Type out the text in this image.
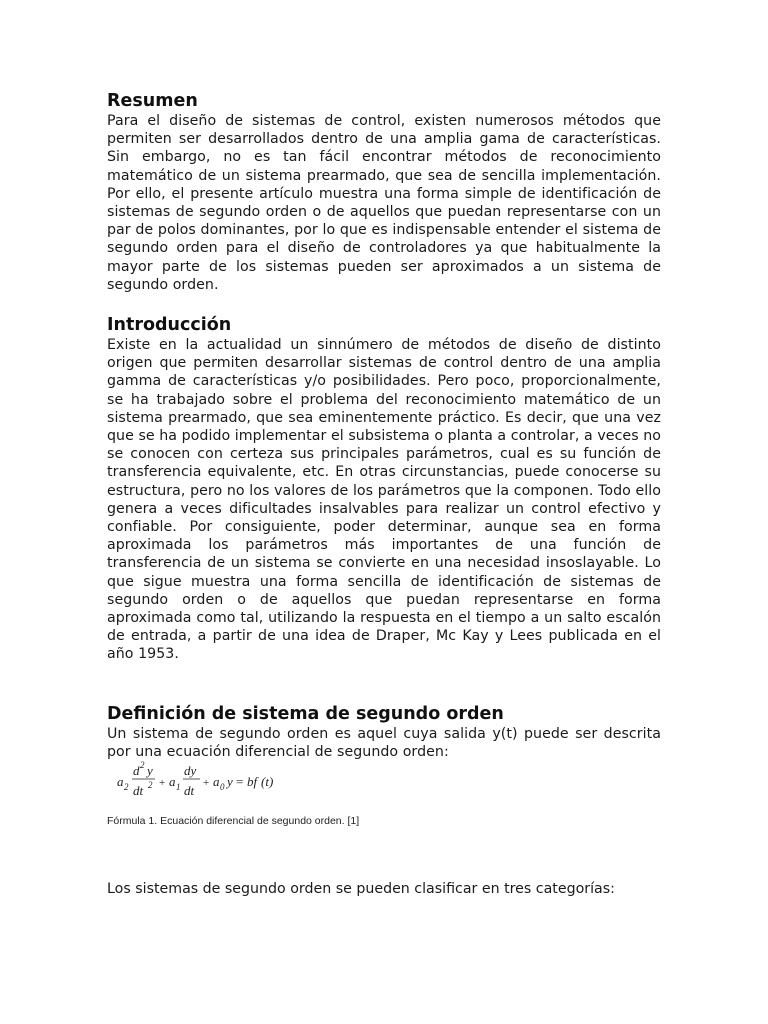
Resumen

Para el diseño de sistemas de control, existen numerosos métodos que permiten ser desarrollados dentro de una amplia gama de características. Sin embargo, no es tan fácil encontrar métodos de reconocimiento matemático de un sistema prearmado, que sea de sencilla implementación. Por ello, el presente artículo muestra una forma simple de identificación de sistemas de segundo orden o de aquellos que puedan representarse con un par de polos dominantes, por lo que es indispensable entender el sistema de segundo orden para el diseño de controladores ya que habitualmente la mayor parte de los sistemas pueden ser aproximados a un sistema de segundo orden.

Introducción

Existe en la actualidad un sinnúmero de métodos de diseño de distinto origen que permiten desarrollar sistemas de control dentro de una amplia gamma de características y/o posibilidades. Pero poco, proporcionalmente, se ha trabajado sobre el problema del reconocimiento matemático de un sistema prearmado, que sea eminentemente práctico. Es decir, que una vez que se ha podido implementar el subsistema o planta a controlar, a veces no se conocen con certeza sus principales parámetros, cual es su función de transferencia equivalente, etc. En otras circunstancias, puede conocerse su estructura, pero no los valores de los parámetros que la componen. Todo ello genera a veces dificultades insalvables para realizar un control efectivo y confiable. Por consiguiente, poder determinar, aunque sea en forma aproximada los parámetros más importantes de una función de transferencia de un sistema se convierte en una necesidad insoslayable. Lo que sigue muestra una forma sencilla de identificación de sistemas de segundo orden o de aquellos que puedan representarse en forma aproximada como tal, utilizando la respuesta en el tiempo a un salto escalón de entrada, a partir de una idea de Draper, Mc Kay y Lees publicada en el año 1953.

Definición de sistema de segundo orden

Un sistema de segundo orden es aquel cuya salida y(t) puede ser descrita por una ecuación diferencial de segundo orden:

a 2
d 2 y
dt 2 + a 1
dy
dt + a 0 y = bf (t)
Fórmula 1. Ecuación diferencial de segundo orden. [1]
Los sistemas de segundo orden se pueden clasificar en tres categorías:
